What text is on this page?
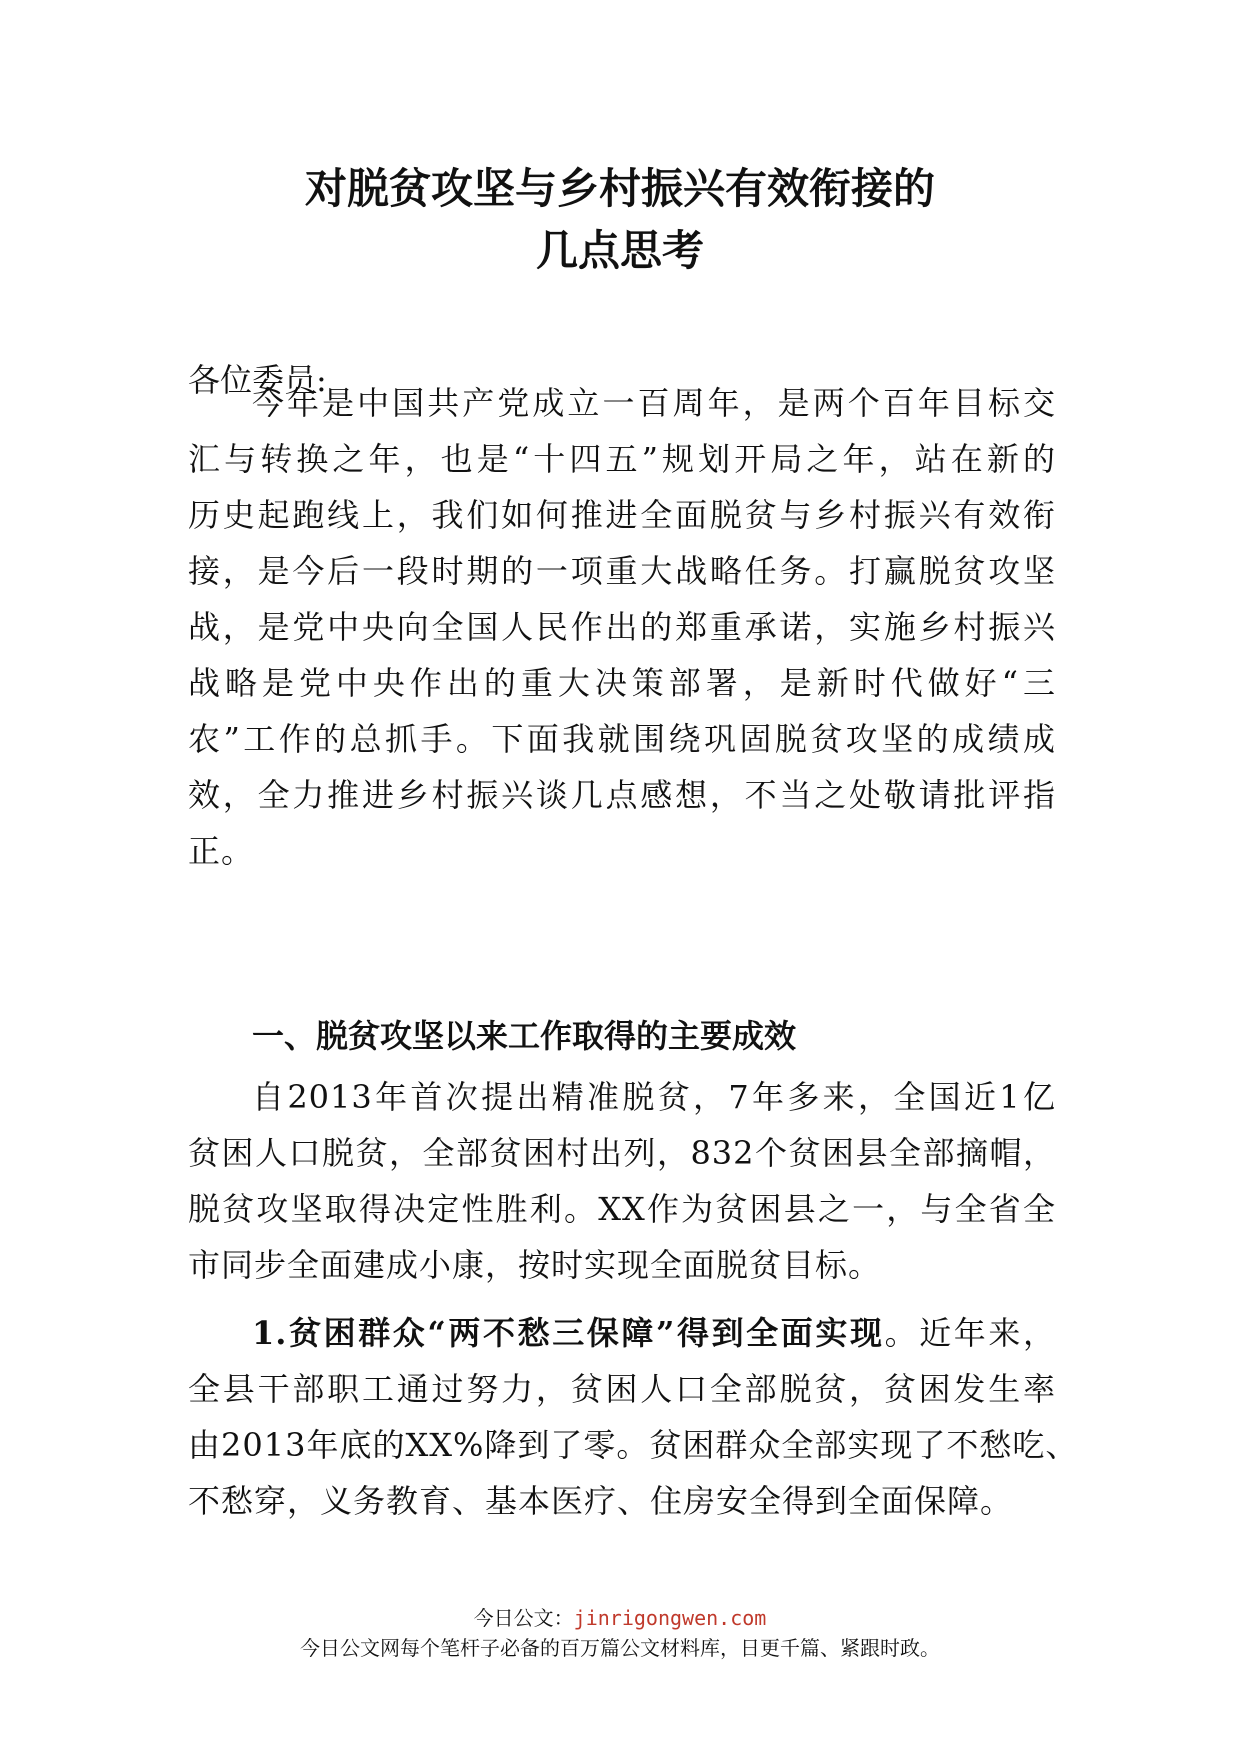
对脱贫攻坚与乡村振兴有效衔接的
几点思考
各位委员:
今年是中国共产党成立一百周年，是两个百年目标交
汇与转换之年，也是“十四五”规划开局之年，站在新的
历史起跑线上，我们如何推进全面脱贫与乡村振兴有效衔
接，是今后一段时期的一项重大战略任务。打赢脱贫攻坚
战，是党中央向全国人民作出的郑重承诺，实施乡村振兴
战略是党中央作出的重大决策部署，是新时代做好“三
农”工作的总抓手。下面我就围绕巩固脱贫攻坚的成绩成
效，全力推进乡村振兴谈几点感想，不当之处敬请批评指
正。
一、脱贫攻坚以来工作取得的主要成效
自2013年首次提出精准脱贫，7年多来，全国近1亿
贫困人口脱贫，全部贫困村出列，832个贫困县全部摘帽，
脱贫攻坚取得决定性胜利。XX作为贫困县之一，与全省全
市同步全面建成小康，按时实现全面脱贫目标。
1.贫困群众“两不愁三保障”得到全面实现。近年来，
全县干部职工通过努力，贫困人口全部脱贫，贫困发生率
由2013年底的XX%降到了零。贫困群众全部实现了不愁吃、
不愁穿，义务教育、基本医疗、住房安全得到全面保障。
今日公文：jinrigongwen.com
今日公文网每个笔杆子必备的百万篇公文材料库，日更千篇、紧跟时政。
